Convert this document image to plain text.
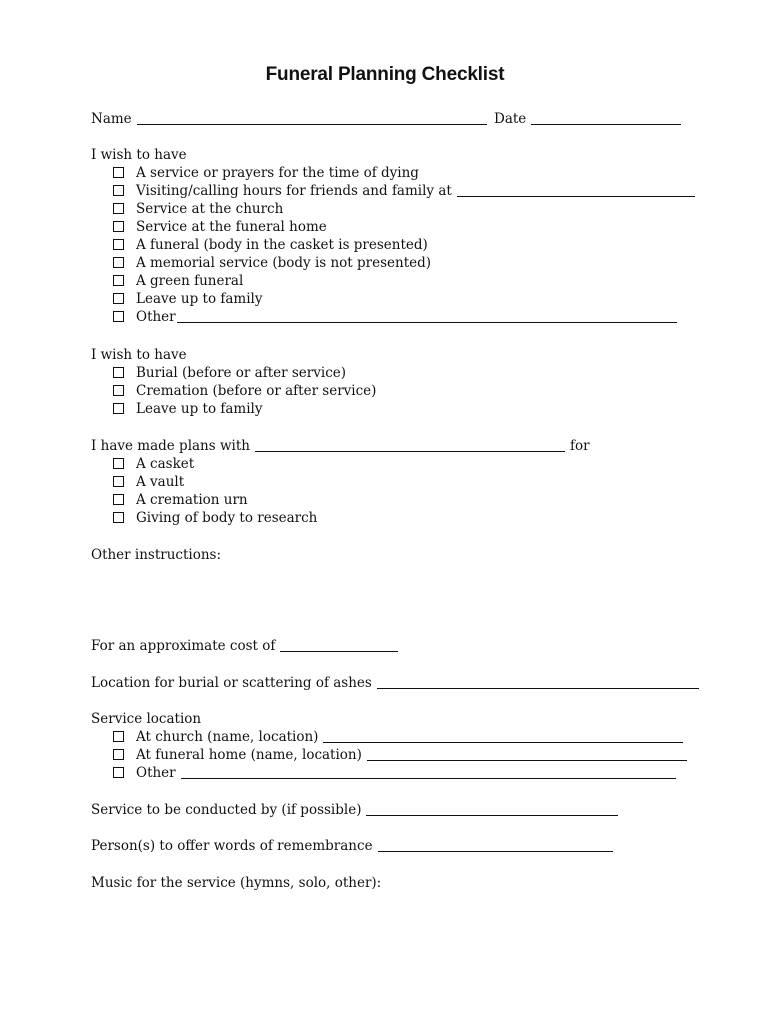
Funeral Planning Checklist
Name	Date
I wish to have
A service or prayers for the time of dying
Visiting/calling hours for friends and family at
Service at the church
Service at the funeral home
A funeral (body in the casket is presented)
A memorial service (body is not presented)
A green funeral
Leave up to family
Other
I wish to have
Burial (before or after service)
Cremation (before or after service)
Leave up to family
I have made plans with	for
A casket
A vault
A cremation urn
Giving of body to research
Other instructions:
For an approximate cost of
Location for burial or scattering of ashes
Service location
At church (name, location)
At funeral home (name, location)
Other
Service to be conducted by (if possible)
Person(s) to offer words of remembrance
Music for the service (hymns, solo, other):
